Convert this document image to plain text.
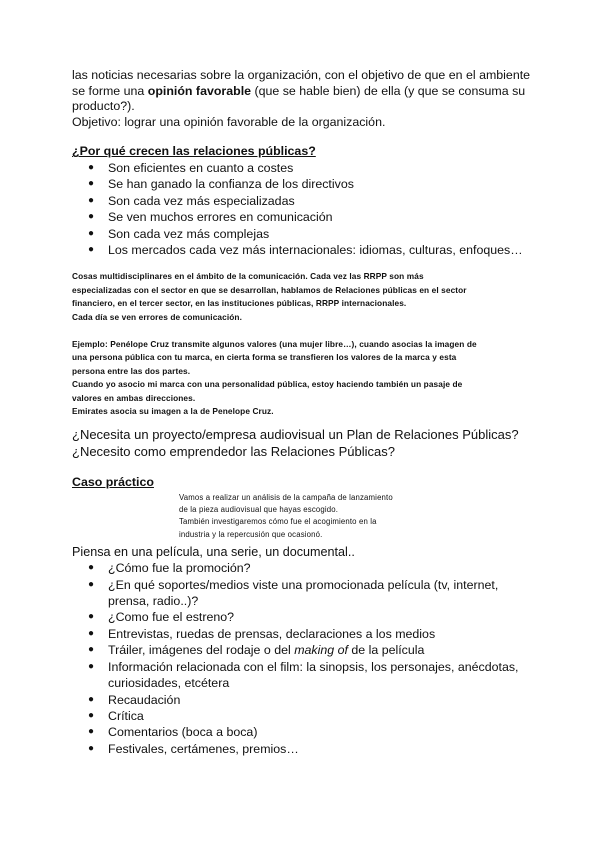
las noticias necesarias sobre la organización, con el objetivo de que en el ambiente

se forme una opinión favorable (que se hable bien) de ella (y que se consuma su

producto?).

Objetivo: lograr una opinión favorable de la organización.

¿Por qué crecen las relaciones públicas?

● Son eficientes en cuanto a costes
● Se han ganado la confianza de los directivos
● Son cada vez más especializadas
● Se ven muchos errores en comunicación
● Son cada vez más complejas
● Los mercados cada vez más internacionales: idiomas, culturas, enfoques…

Cosas multidisciplinares en el ámbito de la comunicación. Cada vez las RRPP son más

especializadas con el sector en que se desarrollan, hablamos de Relaciones públicas en el sector

financiero, en el tercer sector, en las instituciones públicas, RRPP internacionales.

Cada día se ven errores de comunicación.

Ejemplo: Penélope Cruz transmite algunos valores (una mujer libre…), cuando asocias la imagen de

una persona pública con tu marca, en cierta forma se transfieren los valores de la marca y esta

persona entre las dos partes.

Cuando yo asocio mi marca con una personalidad pública, estoy haciendo también un pasaje de

valores en ambas direcciones.

Emirates asocia su imagen a la de Penelope Cruz.

¿Necesita un proyecto/empresa audiovisual un Plan de Relaciones Públicas?

¿Necesito como emprendedor las Relaciones Públicas?

Caso práctico

Vamos a realizar un análisis de la campaña de lanzamiento

de la pieza audiovisual que hayas escogido.

También investigaremos cómo fue el acogimiento en la

industria y la repercusión que ocasionó.

Piensa en una película, una serie, un documental..

● ¿Cómo fue la promoción?
● ¿En qué soportes/medios viste una promocionada película (tv, internet,
prensa, radio..)?
● ¿Como fue el estreno?
● Entrevistas, ruedas de prensas, declaraciones a los medios
● Tráiler, imágenes del rodaje o del making of de la película
● Información relacionada con el film: la sinopsis, los personajes, anécdotas,
curiosidades, etcétera
● Recaudación
● Crítica
● Comentarios (boca a boca)
● Festivales, certámenes, premios…
